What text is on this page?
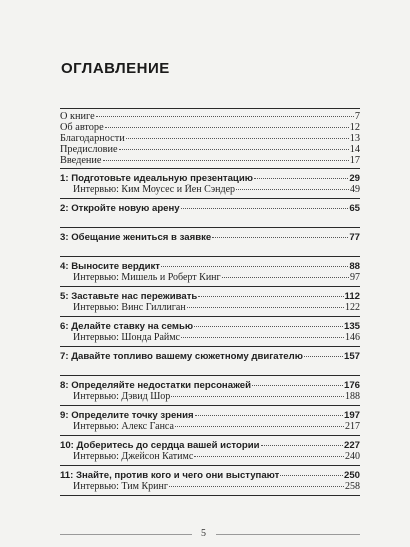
ОГЛАВЛЕНИЕ
О книге	7
Об авторе	12
Благодарности	13
Предисловие	14
Введение	17
1: Подготовьте идеальную презентацию	29
Интервью: Ким Моусес и Йен Сэндер	49
2: Откройте новую арену	65
3: Обещание жениться в заявке	77
4: Выносите вердикт	88
Интервью: Мишель и Роберт Кинг	97
5: Заставьте нас переживать	112
Интервью: Винс Гиллиган	122
6: Делайте ставку на семью	135
Интервью: Шонда Раймс	146
7: Давайте топливо вашему сюжетному двигателю	157
8: Определяйте недостатки персонажей	176
Интервью: Дэвид Шор	188
9: Определите точку зрения	197
Интервью: Алекс Ганса	217
10: Доберитесь до сердца вашей истории	227
Интервью: Джейсон Катимс	240
11: Знайте, против кого и чего они выступают	250
Интервью: Тим Кринг	258
5
